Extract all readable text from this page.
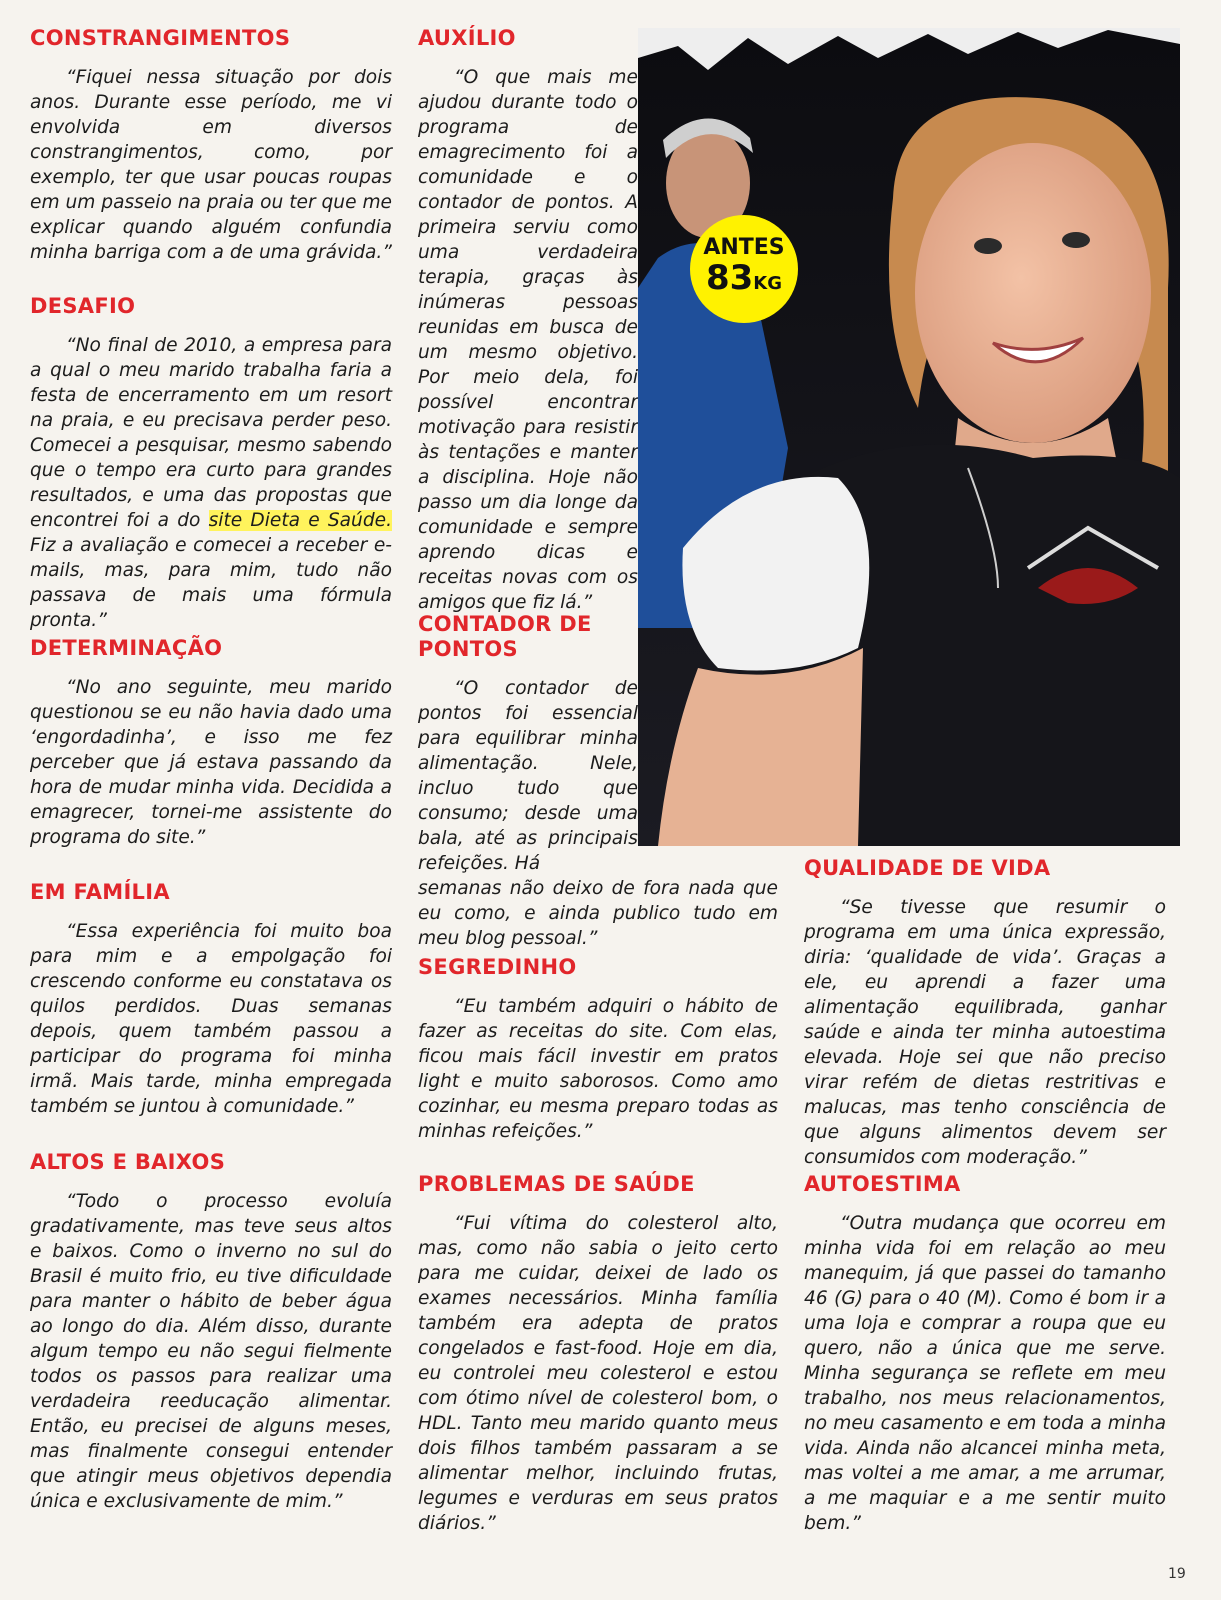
CONSTRANGIMENTOS

“Fiquei nessa situação por dois anos. Durante esse período, me vi envolvida em diversos constrangimentos, como, por exemplo, ter que usar poucas roupas em um passeio na praia ou ter que me explicar quando alguém confundia minha barriga com a de uma grávida.”

DESAFIO

“No final de 2010, a empresa para a qual o meu marido trabalha faria a festa de encerramento em um resort na praia, e eu precisava perder peso. Comecei a pesquisar, mesmo sabendo que o tempo era curto para grandes resultados, e uma das propostas que encontrei foi a do site Dieta e Saúde. Fiz a avaliação e comecei a receber e-mails, mas, para mim, tudo não passava de mais uma fórmula pronta.”

DETERMINAÇÃO

“No ano seguinte, meu marido questionou se eu não havia dado uma ‘engordadinha’, e isso me fez perceber que já estava passando da hora de mudar minha vida. Decidida a emagrecer, tornei-me assistente do programa do site.”

EM FAMÍLIA

“Essa experiência foi muito boa para mim e a empolgação foi crescendo conforme eu constatava os quilos perdidos. Duas semanas depois, quem também passou a participar do programa foi minha irmã. Mais tarde, minha empregada também se juntou à comunidade.”

ALTOS E BAIXOS

“Todo o processo evoluía gradativamente, mas teve seus altos e baixos. Como o inverno no sul do Brasil é muito frio, eu tive dificuldade para manter o hábito de beber água ao longo do dia. Além disso, durante algum tempo eu não segui fielmente todos os passos para realizar uma verdadeira reeducação alimentar. Então, eu precisei de alguns meses, mas finalmente consegui entender que atingir meus objetivos dependia única e exclusivamente de mim.”

AUXÍLIO

“O que mais me ajudou durante todo o programa de emagrecimento foi a comunidade e o contador de pontos. A primeira serviu como uma verdadeira terapia, graças às inúmeras pessoas reunidas em busca de um mesmo objetivo. Por meio dela, foi possível encontrar motivação para resistir às tentações e manter a disciplina. Hoje não passo um dia longe da comunidade e sempre aprendo dicas e receitas novas com os amigos que fiz lá.”

CONTADOR DE PONTOS

“O contador de pontos foi essencial para equilibrar minha alimentação. Nele, incluo tudo que consumo; desde uma bala, até as principais refeições. Há

semanas não deixo de fora nada que eu como, e ainda publico tudo em meu blog pessoal.”

SEGREDINHO

“Eu também adquiri o hábito de fazer as receitas do site. Com elas, ficou mais fácil investir em pratos light e muito saborosos. Como amo cozinhar, eu mesma preparo todas as minhas refeições.”

PROBLEMAS DE SAÚDE

“Fui vítima do colesterol alto, mas, como não sabia o jeito certo para me cuidar, deixei de lado os exames necessários. Minha família também era adepta de pratos congelados e fast-food. Hoje em dia, eu controlei meu colesterol e estou com ótimo nível de colesterol bom, o HDL. Tanto meu marido quanto meus dois filhos também passaram a se alimentar melhor, incluindo frutas, legumes e verduras em seus pratos diários.”

QUALIDADE DE VIDA

“Se tivesse que resumir o programa em uma única expressão, diria: ‘qualidade de vida’. Graças a ele, eu aprendi a fazer uma alimentação equilibrada, ganhar saúde e ainda ter minha autoestima elevada. Hoje sei que não preciso virar refém de dietas restritivas e malucas, mas tenho consciência de que alguns alimentos devem ser consumidos com moderação.”

AUTOESTIMA

“Outra mudança que ocorreu em minha vida foi em relação ao meu manequim, já que passei do tamanho 46 (G) para o 40 (M). Como é bom ir a uma loja e comprar a roupa que eu quero, não a única que me serve. Minha segurança se reflete em meu trabalho, nos meus relacionamentos, no meu casamento e em toda a minha vida. Ainda não alcancei minha meta, mas voltei a me amar, a me arrumar, a me maquiar e a me sentir muito bem.”

ANTES
83KG
19
